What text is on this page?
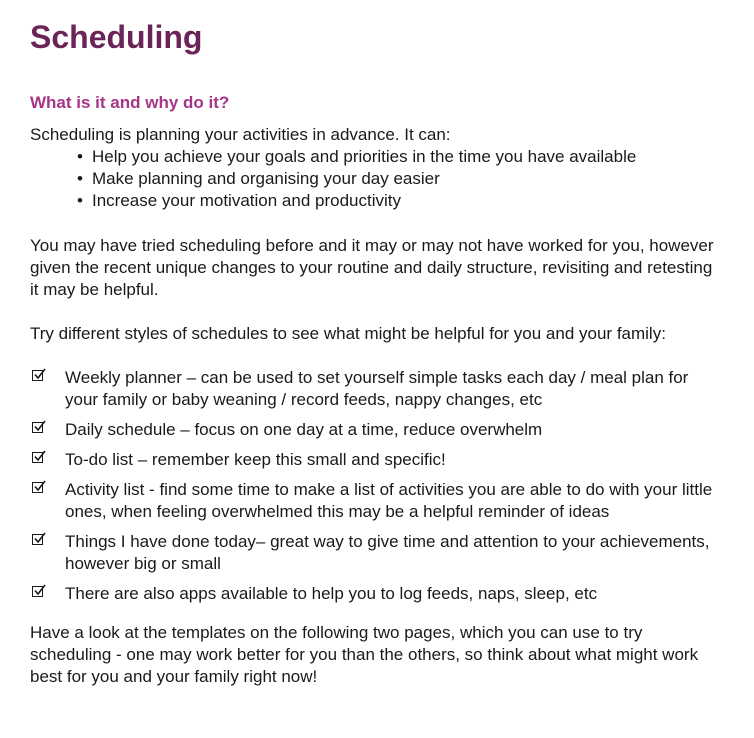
Scheduling
What is it and why do it?

Scheduling is planning your activities in advance. It can:

• Help you achieve your goals and priorities in the time you have available
• Make planning and organising your day easier
• Increase your motivation and productivity

You may have tried scheduling before and it may or may not have worked for you, however given the recent unique changes to your routine and daily structure, revisiting and retesting it may be helpful.

Try different styles of schedules to see what might be helpful for you and your family:

Weekly planner – can be used to set yourself simple tasks each day / meal plan for your family or baby weaning / record feeds, nappy changes, etc
Daily schedule – focus on one day at a time, reduce overwhelm
To-do list – remember keep this small and specific!
Activity list - find some time to make a list of activities you are able to do with your little ones, when feeling overwhelmed this may be a helpful reminder of ideas
Things I have done today– great way to give time and attention to your achievements, however big or small
There are also apps available to help you to log feeds, naps, sleep, etc

Have a look at the templates on the following two pages, which you can use to try scheduling - one may work better for you than the others, so think about what might work best for you and your family right now!
